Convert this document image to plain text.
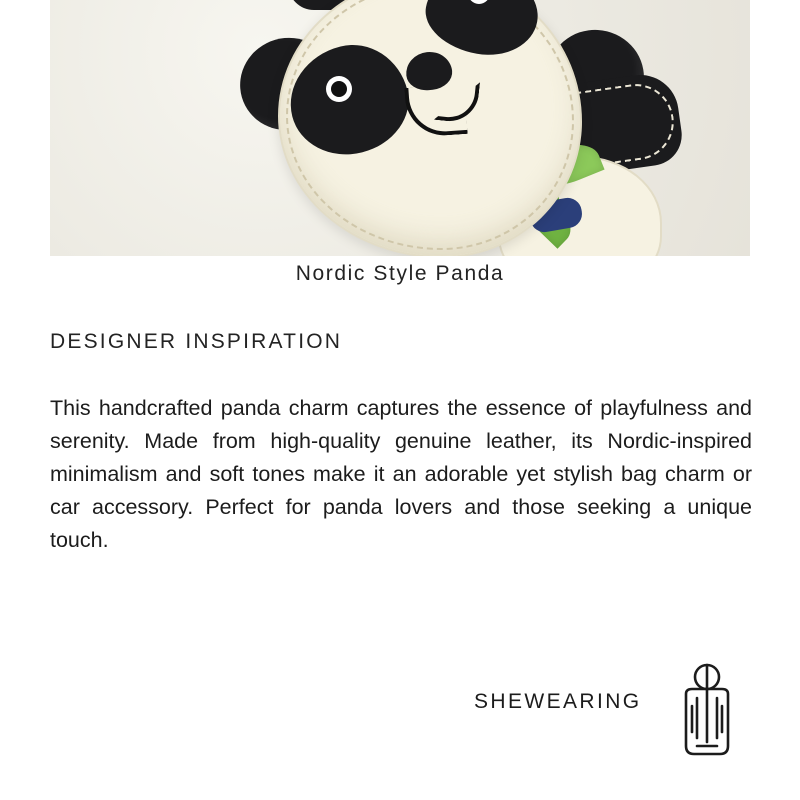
Nordic Style Panda
DESIGNER INSPIRATION

This handcrafted panda charm captures the essence of playfulness and serenity. Made from high-quality genuine leather, its Nordic-inspired minimalism and soft tones make it an adorable yet stylish bag charm or car accessory. Perfect for panda lovers and those seeking a unique touch.

SHEWEARING
